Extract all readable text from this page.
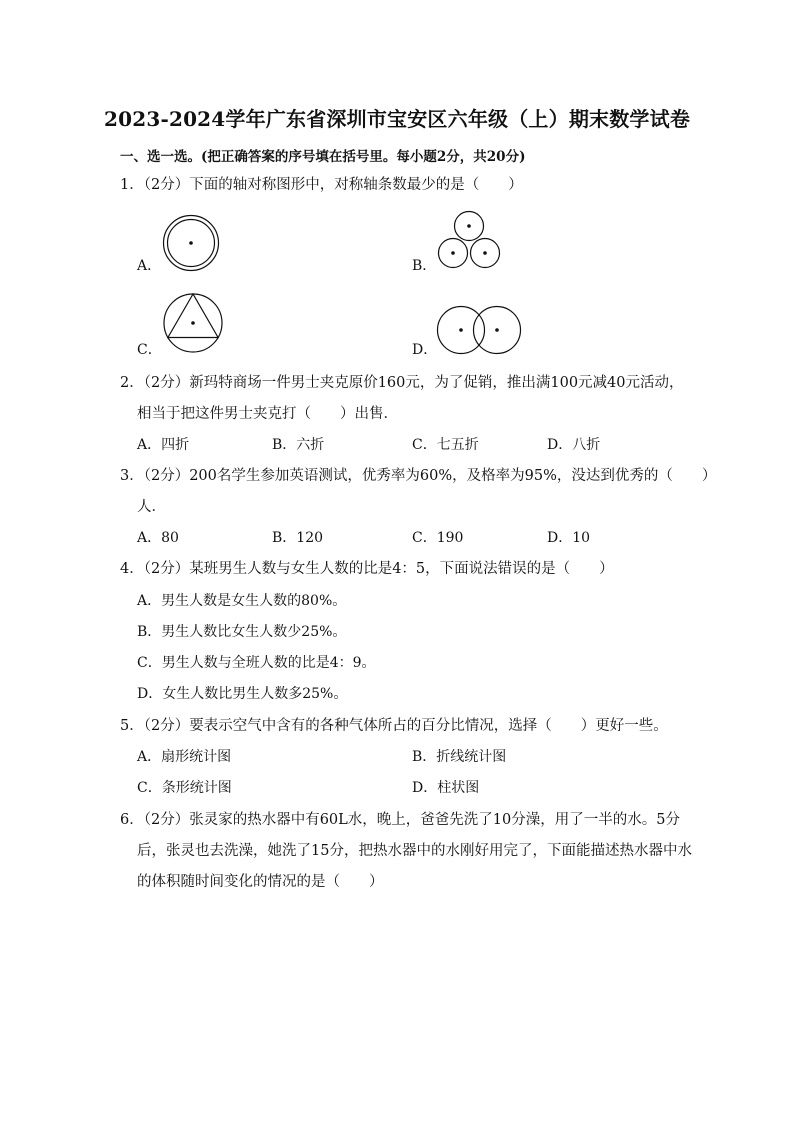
2023-2024学年广东省深圳市宝安区六年级（上）期末数学试卷
一、选一选。(把正确答案的序号填在括号里。每小题2分，共20分)
1．（2分）下面的轴对称图形中，对称轴条数最少的是（　　）
A．	B．
C．	D．
2．（2分）新玛特商场一件男士夹克原价160元，为了促销，推出满100元减40元活动，
相当于把这件男士夹克打（　　）出售．
A．四折	B．六折	C．七五折	D．八折
3．（2分）200名学生参加英语测试，优秀率为60%，及格率为95%，没达到优秀的（　　）
人．
A．80	B．120	C．190	D．10
4．（2分）某班男生人数与女生人数的比是4：5，下面说法错误的是（　　）
A．男生人数是女生人数的80%。
B．男生人数比女生人数少25%。
C．男生人数与全班人数的比是4：9。
D．女生人数比男生人数多25%。
5．（2分）要表示空气中含有的各种气体所占的百分比情况，选择（　　）更好一些。
A．扇形统计图	B．折线统计图
C．条形统计图	D．柱状图
6．（2分）张灵家的热水器中有60L水，晚上，爸爸先洗了10分澡，用了一半的水。5分
后，张灵也去洗澡，她洗了15分，把热水器中的水刚好用完了，下面能描述热水器中水
的体积随时间变化的情况的是（　　）
